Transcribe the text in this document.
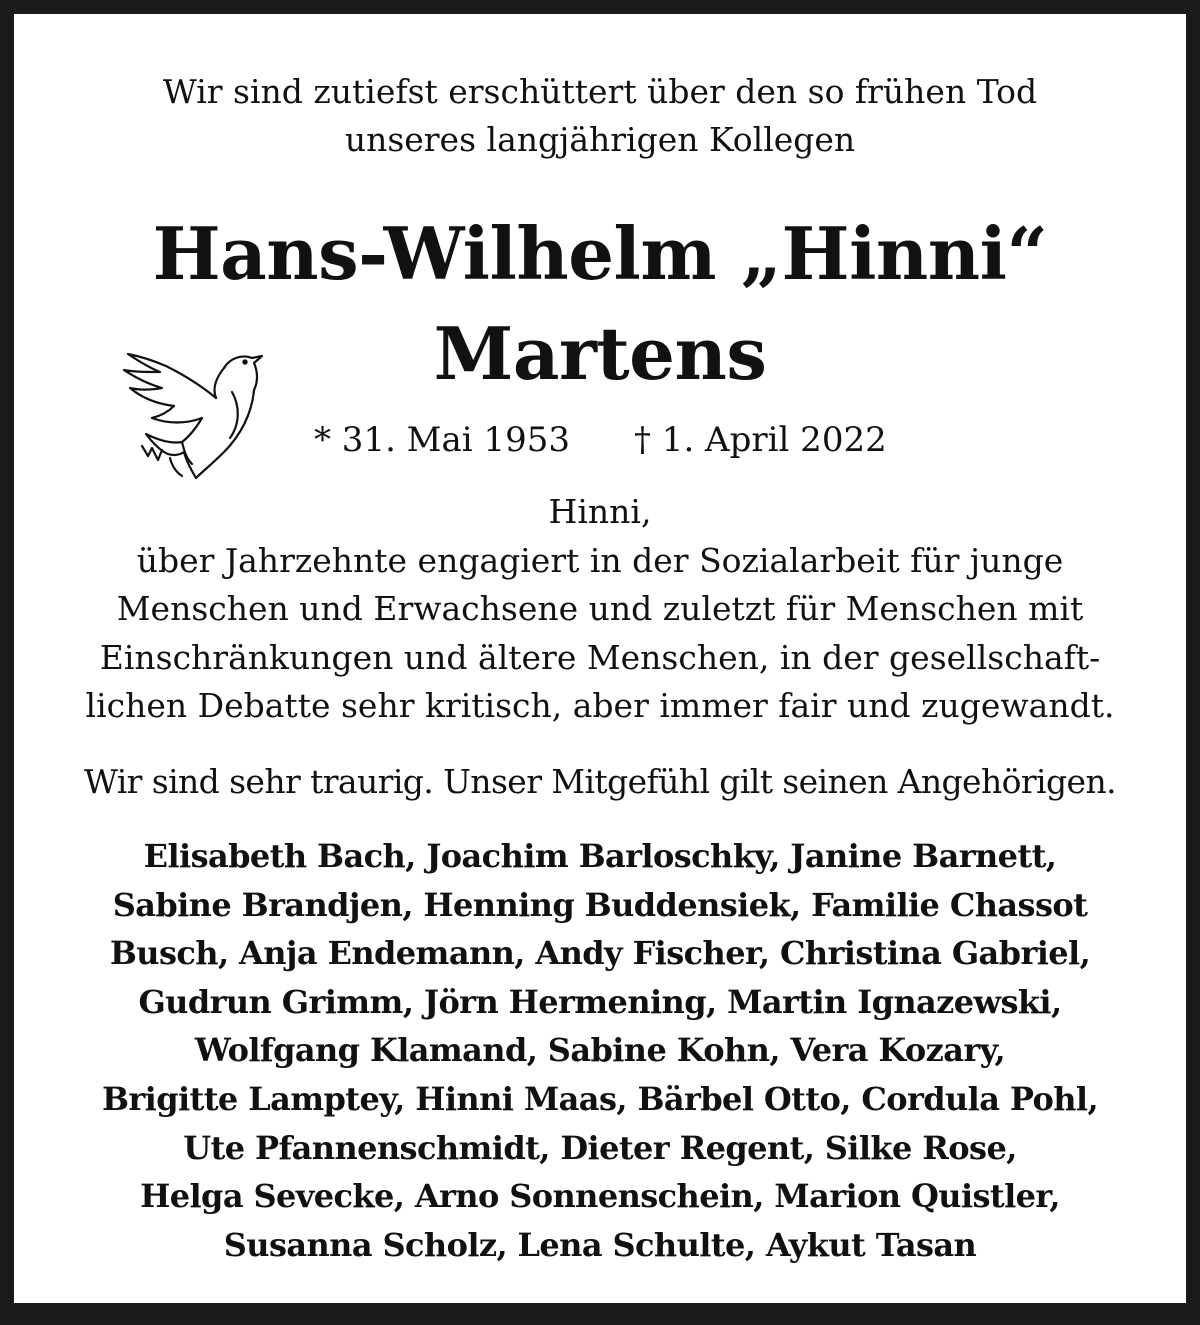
Wir sind zutiefst erschüttert über den so frühen Tod
unseres langjährigen Kollegen
Hans-Wilhelm „Hinni“
Martens
* 31. Mai 1953 † 1. April 2022
Hinni,
über Jahrzehnte engagiert in der Sozialarbeit für junge
Menschen und Erwachsene und zuletzt für Menschen mit
Einschränkungen und ältere Menschen, in der gesellschaft-
lichen Debatte sehr kritisch, aber immer fair und zugewandt.
Wir sind sehr traurig. Unser Mitgefühl gilt seinen Angehörigen.
Elisabeth Bach, Joachim Barloschky, Janine Barnett,
Sabine Brandjen, Henning Buddensiek, Familie Chassot
Busch, Anja Endemann, Andy Fischer, Christina Gabriel,
Gudrun Grimm, Jörn Hermening, Martin Ignazewski,
Wolfgang Klamand, Sabine Kohn, Vera Kozary,
Brigitte Lamptey, Hinni Maas, Bärbel Otto, Cordula Pohl,
Ute Pfannenschmidt, Dieter Regent, Silke Rose,
Helga Sevecke, Arno Sonnenschein, Marion Quistler,
Susanna Scholz, Lena Schulte, Aykut Tasan
